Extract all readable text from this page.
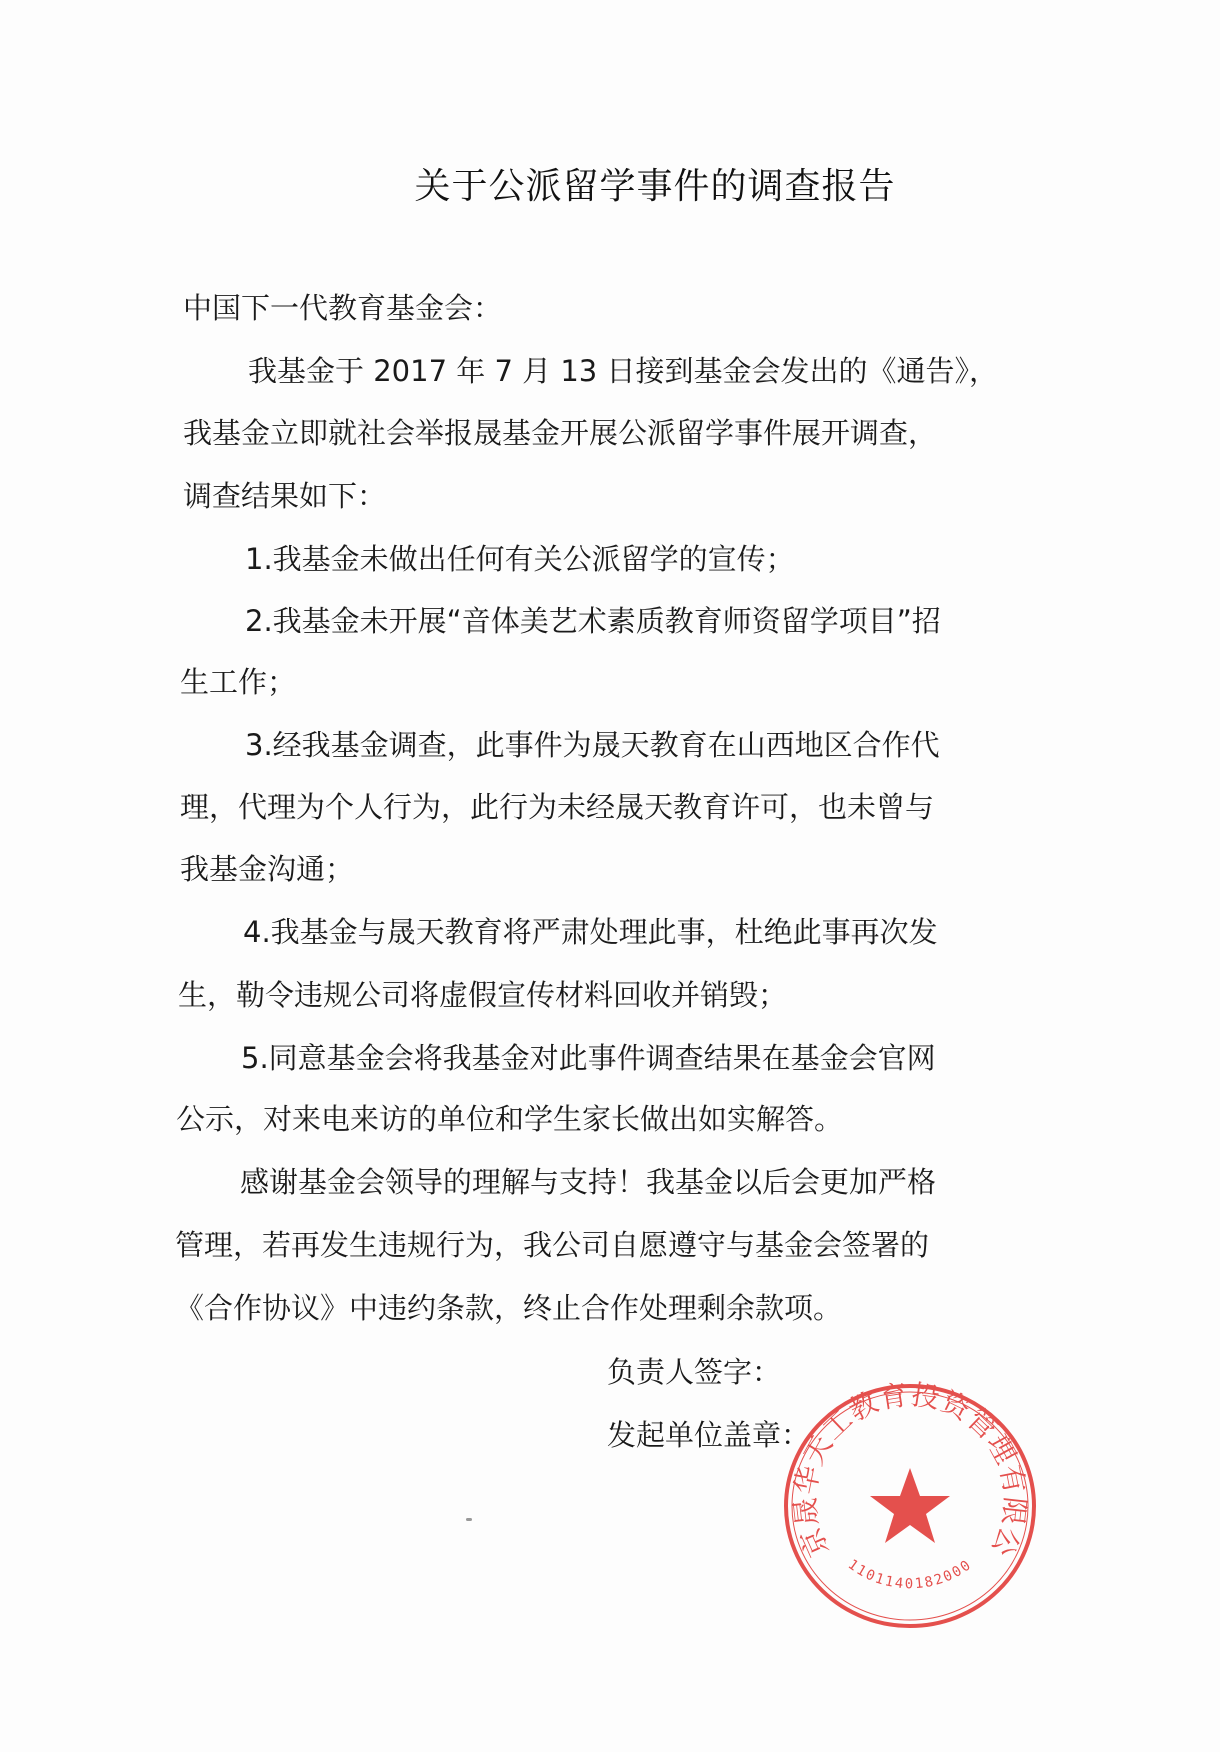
关于公派留学事件的调查报告
中国下一代教育基金会：
我基金于 2017 年 7 月 13 日接到基金会发出的《通告》，
我基金立即就社会举报晟基金开展公派留学事件展开调查，
调查结果如下：
1.我基金未做出任何有关公派留学的宣传；
2.我基金未开展“音体美艺术素质教育师资留学项目”招
生工作；
3.经我基金调查，此事件为晟天教育在山西地区合作代
理，代理为个人行为，此行为未经晟天教育许可，也未曾与
我基金沟通；
4.我基金与晟天教育将严肃处理此事，杜绝此事再次发
生，勒令违规公司将虚假宣传材料回收并销毁；
5.同意基金会将我基金对此事件调查结果在基金会官网
公示，对来电来访的单位和学生家长做出如实解答。
感谢基金会领导的理解与支持！我基金以后会更加严格
管理，若再发生违规行为，我公司自愿遵守与基金会签署的
《合作协议》中违约条款，终止合作处理剩余款项。
负责人签字：
发起单位盖章：
京晟华天工教育投资管理有限公
1101140182000
